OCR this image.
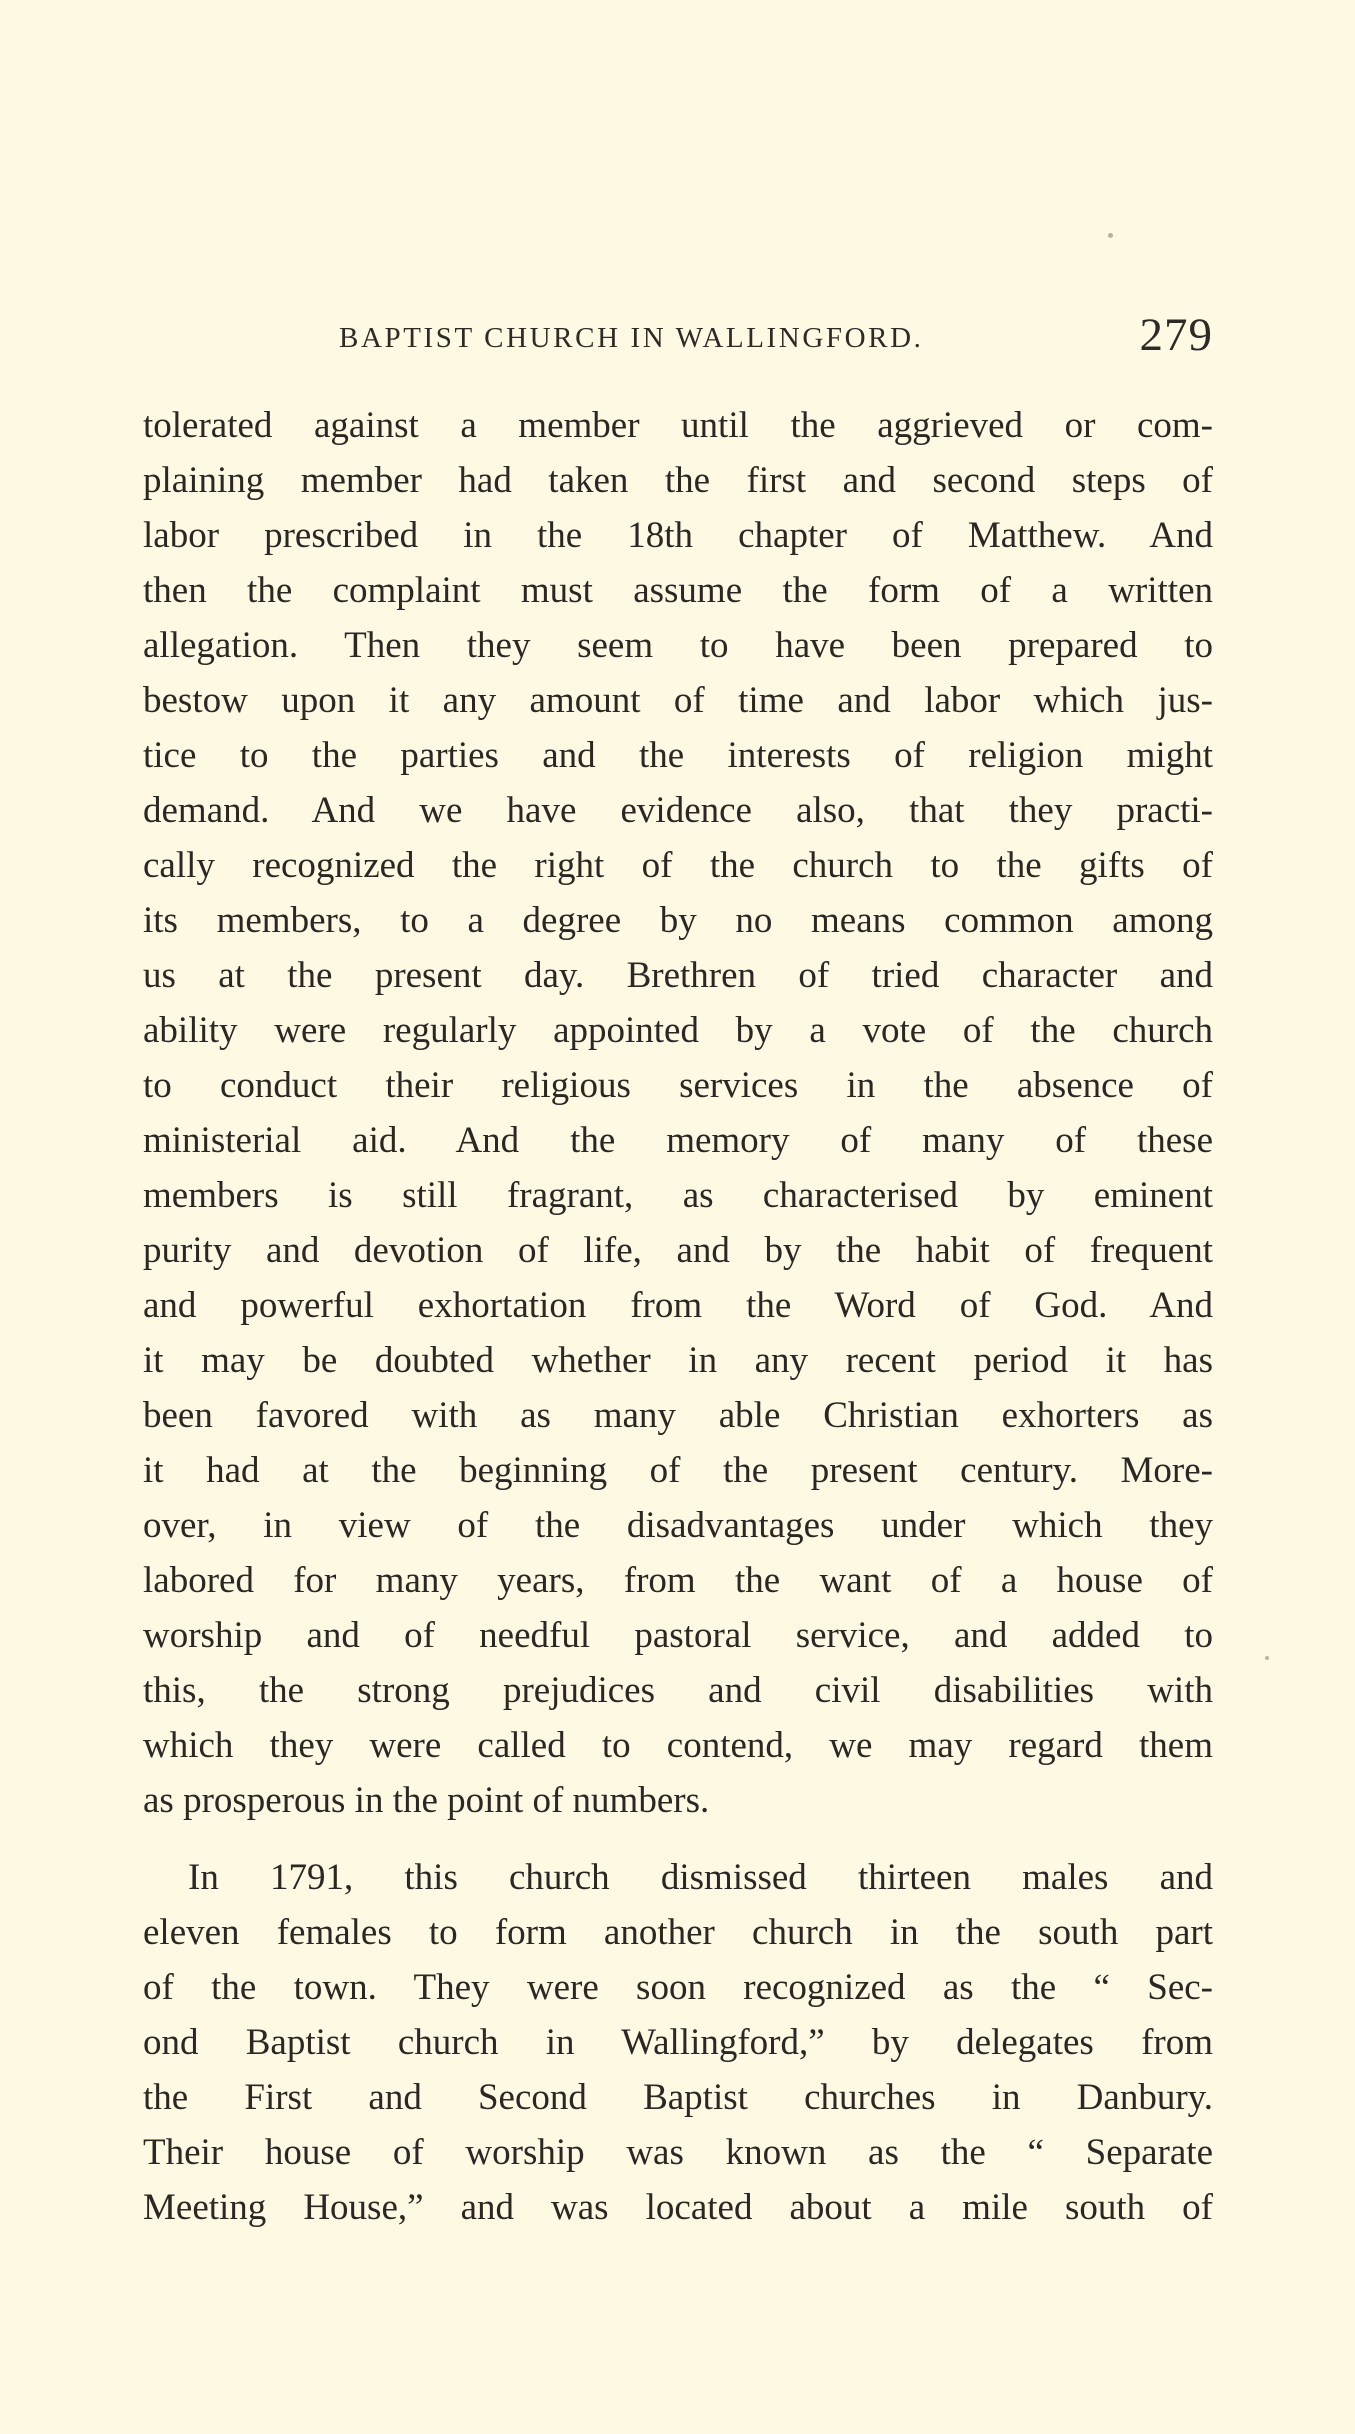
BAPTIST CHURCH IN WALLINGFORD.	279
tolerated against a member until the aggrieved or com-
plaining member had taken the first and second steps of
labor prescribed in the 18th chapter of Matthew. And
then the complaint must assume the form of a written
allegation. Then they seem to have been prepared to
bestow upon it any amount of time and labor which jus-
tice to the parties and the interests of religion might
demand. And we have evidence also, that they practi-
cally recognized the right of the church to the gifts of
its members, to a degree by no means common among
us at the present day. Brethren of tried character and
ability were regularly appointed by a vote of the church
to conduct their religious services in the absence of
ministerial aid. And the memory of many of these
members is still fragrant, as characterised by eminent
purity and devotion of life, and by the habit of frequent
and powerful exhortation from the Word of God. And
it may be doubted whether in any recent period it has
been favored with as many able Christian exhorters as
it had at the beginning of the present century. More-
over, in view of the disadvantages under which they
labored for many years, from the want of a house of
worship and of needful pastoral service, and added to
this, the strong prejudices and civil disabilities with
which they were called to contend, we may regard them
as prosperous in the point of numbers.
In 1791, this church dismissed thirteen males and
eleven females to form another church in the south part
of the town. They were soon recognized as the “ Sec-
ond Baptist church in Wallingford,” by delegates from
the First and Second Baptist churches in Danbury.
Their house of worship was known as the “ Separate
Meeting House,” and was located about a mile south of
